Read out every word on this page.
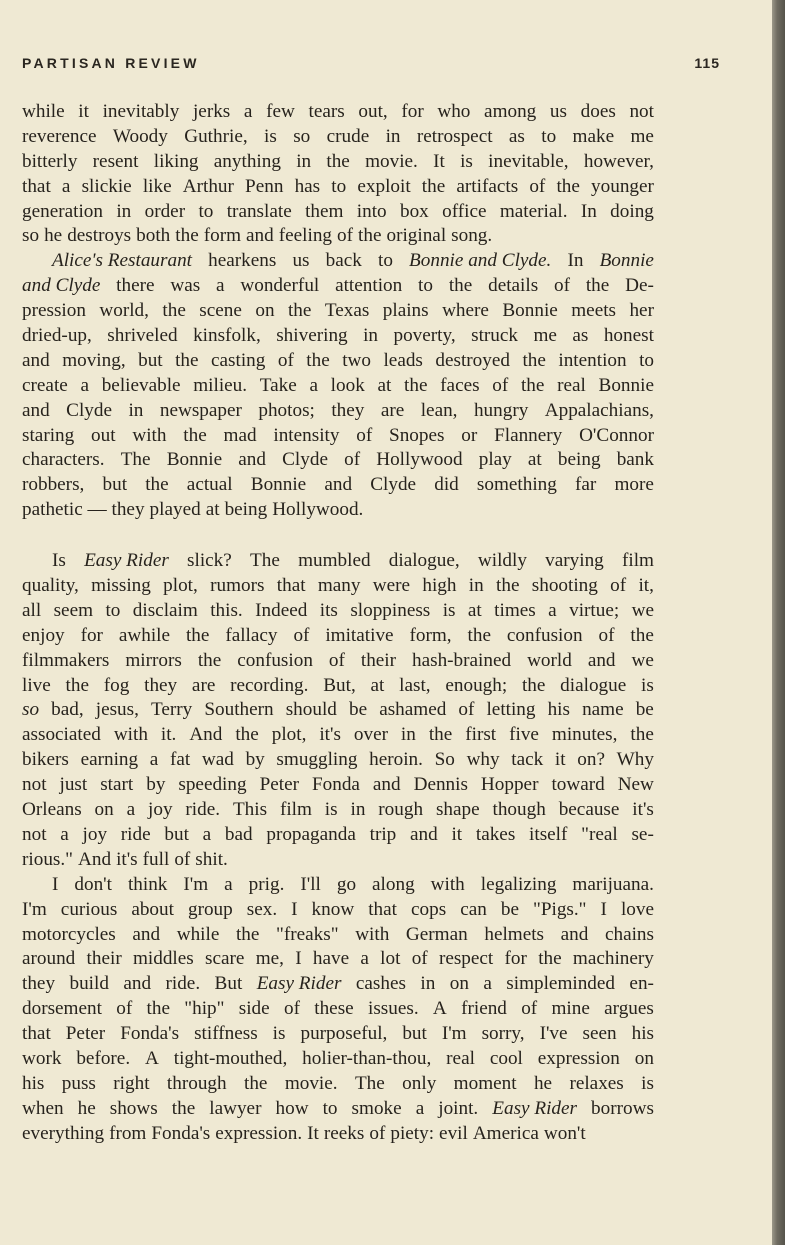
PARTISAN REVIEW	115
while it inevitably jerks a few tears out, for who among us does not
reverence Woody Guthrie, is so crude in retrospect as to make me
bitterly resent liking anything in the movie. It is inevitable, however,
that a slickie like Arthur Penn has to exploit the artifacts of the younger
generation in order to translate them into box office material. In doing
so he destroys both the form and feeling of the original song.
Alice's Restaurant hearkens us back to Bonnie and Clyde. In Bonnie
and Clyde there was a wonderful attention to the details of the De-
pression world, the scene on the Texas plains where Bonnie meets her
dried-up, shriveled kinsfolk, shivering in poverty, struck me as honest
and moving, but the casting of the two leads destroyed the intention to
create a believable milieu. Take a look at the faces of the real Bonnie
and Clyde in newspaper photos; they are lean, hungry Appalachians,
staring out with the mad intensity of Snopes or Flannery O'Connor
characters. The Bonnie and Clyde of Hollywood play at being bank
robbers, but the actual Bonnie and Clyde did something far more
pathetic — they played at being Hollywood.
Is Easy Rider slick? The mumbled dialogue, wildly varying film
quality, missing plot, rumors that many were high in the shooting of it,
all seem to disclaim this. Indeed its sloppiness is at times a virtue; we
enjoy for awhile the fallacy of imitative form, the confusion of the
filmmakers mirrors the confusion of their hash-brained world and we
live the fog they are recording. But, at last, enough; the dialogue is
so bad, jesus, Terry Southern should be ashamed of letting his name be
associated with it. And the plot, it's over in the first five minutes, the
bikers earning a fat wad by smuggling heroin. So why tack it on? Why
not just start by speeding Peter Fonda and Dennis Hopper toward New
Orleans on a joy ride. This film is in rough shape though because it's
not a joy ride but a bad propaganda trip and it takes itself "real se-
rious." And it's full of shit.
I don't think I'm a prig. I'll go along with legalizing marijuana.
I'm curious about group sex. I know that cops can be "Pigs." I love
motorcycles and while the "freaks" with German helmets and chains
around their middles scare me, I have a lot of respect for the machinery
they build and ride. But Easy Rider cashes in on a simpleminded en-
dorsement of the "hip" side of these issues. A friend of mine argues
that Peter Fonda's stiffness is purposeful, but I'm sorry, I've seen his
work before. A tight-mouthed, holier-than-thou, real cool expression on
his puss right through the movie. The only moment he relaxes is
when he shows the lawyer how to smoke a joint. Easy Rider borrows
everything from Fonda's expression. It reeks of piety: evil America won't
